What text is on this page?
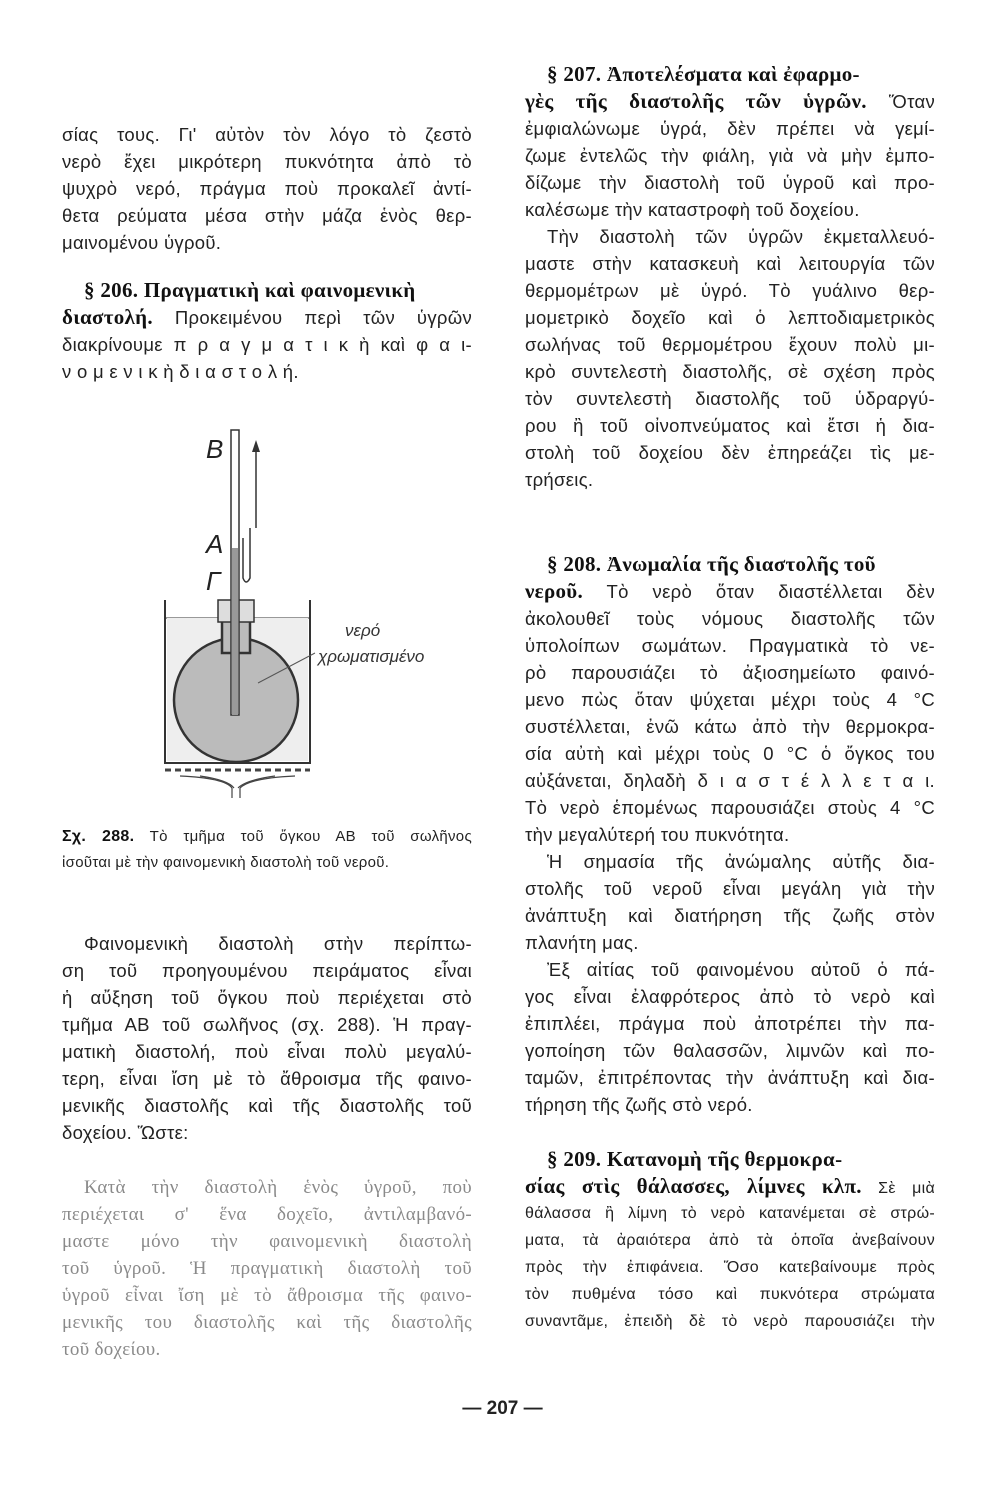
σίας τους. Γι' αὐτὸν τὸν λόγο τὸ ζεστὸ
νερὸ ἔχει μικρότερη πυκνότητα ἀπὸ τὸ
ψυχρὸ νερό, πράγμα ποὺ προκαλεῖ ἀντί-
θετα ρεύματα μέσα στὴν μάζα ἑνὸς θερ-
μαινομένου ὑγροῦ.
§ 206. Πραγματικὴ καὶ φαινομενικὴ
διαστολή. Προκειμένου περὶ τῶν ὑγρῶν
διακρίνουμε π ρ α γ μ α τ ι κ ὴ καὶ φ α ι-
ν ο μ ε ν ι κ ὴ δ ι α σ τ ο λ ή.
Σχ. 288. Τὸ τμῆμα τοῦ ὄγκου ΑΒ τοῦ σωλῆνος
ἰσοῦται μὲ τὴν φαινομενικὴ διαστολὴ τοῦ νεροῦ.
Φαινομενικὴ διαστολὴ στὴν περίπτω-
ση τοῦ προηγουμένου πειράματος εἶναι
ἡ αὔξηση τοῦ ὄγκου ποὺ περιέχεται στὸ
τμῆμα ΑΒ τοῦ σωλῆνος (σχ. 288). Ἡ πραγ-
ματικὴ διαστολή, ποὺ εἶναι πολὺ μεγαλύ-
τερη, εἶναι ἴση μὲ τὸ ἄθροισμα τῆς φαινο-
μενικῆς διαστολῆς καὶ τῆς διαστολῆς τοῦ
δοχείου. Ὥστε:
Κατὰ τὴν διαστολὴ ἑνὸς ὑγροῦ, ποὺ
περιέχεται σ' ἕνα δοχεῖο, ἀντιλαμβανό-
μαστε μόνο τὴν φαινομενικὴ διαστολὴ
τοῦ ὑγροῦ. Ἡ πραγματικὴ διαστολὴ τοῦ
ὑγροῦ εἶναι ἴση μὲ τὸ ἄθροισμα τῆς φαινο-
μενικῆς του διαστολῆς καὶ τῆς διαστολῆς
τοῦ δοχείου.
§ 207. Ἀποτελέσματα καὶ ἐφαρμο-
γὲς τῆς διαστολῆς τῶν ὑγρῶν. Ὅταν
ἐμφιαλώνωμε ὑγρά, δὲν πρέπει νὰ γεμί-
ζωμε ἐντελῶς τὴν φιάλη, γιὰ νὰ μὴν ἐμπο-
δίζωμε τὴν διαστολὴ τοῦ ὑγροῦ καὶ προ-
καλέσωμε τὴν καταστροφὴ τοῦ δοχείου.
Τὴν διαστολὴ τῶν ὑγρῶν ἐκμεταλλευό-
μαστε στὴν κατασκευὴ καὶ λειτουργία τῶν
θερμομέτρων μὲ ὑγρό. Τὸ γυάλινο θερ-
μομετρικὸ δοχεῖο καὶ ὁ λεπτοδιαμετρικὸς
σωλήνας τοῦ θερμομέτρου ἔχουν πολὺ μι-
κρὸ συντελεστὴ διαστολῆς, σὲ σχέση πρὸς
τὸν συντελεστὴ διαστολῆς τοῦ ὑδραργύ-
ρου ἢ τοῦ οἰνοπνεύματος καὶ ἔτσι ἡ δια-
στολὴ τοῦ δοχείου δὲν ἐπηρεάζει τὶς με-
τρήσεις.
§ 208. Ἀνωμαλία τῆς διαστολῆς τοῦ
νεροῦ. Τὸ νερὸ ὅταν διαστέλλεται δὲν
ἀκολουθεῖ τοὺς νόμους διαστολῆς τῶν
ὑπολοίπων σωμάτων. Πραγματικὰ τὸ νε-
ρὸ παρουσιάζει τὸ ἀξιοσημείωτο φαινό-
μενο πὼς ὅταν ψύχεται μέχρι τοὺς 4 °C
συστέλλεται, ἐνῶ κάτω ἀπὸ τὴν θερμοκρα-
σία αὐτὴ καὶ μέχρι τοὺς 0 °C ὁ ὄγκος του
αὐξάνεται, δηλαδὴ δ ι α σ τ έ λ λ ε τ α ι.
Τὸ νερὸ ἑπομένως παρουσιάζει στοὺς 4 °C
τὴν μεγαλύτερή του πυκνότητα.
Ἡ σημασία τῆς ἀνώμαλης αὐτῆς δια-
στολῆς τοῦ νεροῦ εἶναι μεγάλη γιὰ τὴν
ἀνάπτυξη καὶ διατήρηση τῆς ζωῆς στὸν
πλανήτη μας.
Ἐξ αἰτίας τοῦ φαινομένου αὐτοῦ ὁ πά-
γος εἶναι ἐλαφρότερος ἀπὸ τὸ νερὸ καὶ
ἐπιπλέει, πράγμα ποὺ ἀποτρέπει τὴν πα-
γοποίηση τῶν θαλασσῶν, λιμνῶν καὶ πο-
ταμῶν, ἐπιτρέποντας τὴν ἀνάπτυξη καὶ δια-
τήρηση τῆς ζωῆς στὸ νερό.
§ 209. Κατανομὴ τῆς θερμοκρα-
σίας στὶς θάλασσες, λίμνες κλπ. Σὲ μιὰ
θάλασσα ἢ λίμνη τὸ νερὸ κατανέμεται σὲ στρώ-
ματα, τὰ ἀραιότερα ἀπὸ τὰ ὁποῖα ἀνεβαίνουν
πρὸς τὴν ἐπιφάνεια. Ὅσο κατεβαίνουμε πρὸς
τὸν πυθμένα τόσο καὶ πυκνότερα στρώματα
συναντᾶμε, ἐπειδὴ δὲ τὸ νερὸ παρουσιάζει τὴν
Β
Α
Γ
νερό
χρωματισμένο
— 207 —
